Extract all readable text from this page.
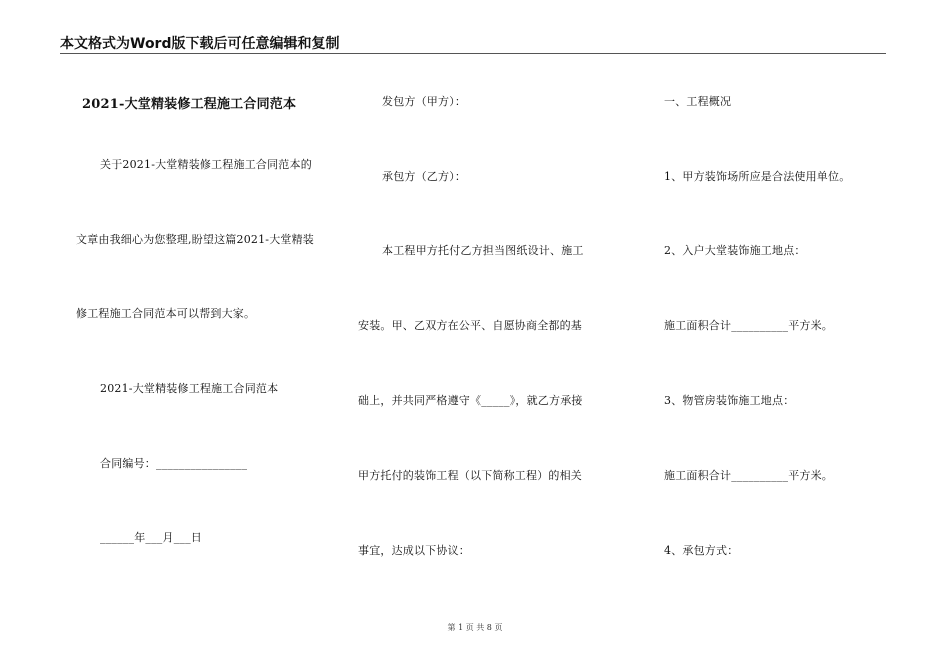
本文格式为Word版下载后可任意编辑和复制
2021-大堂精装修工程施工合同范本
关于2021-大堂精装修工程施工合同范本的
文章由我细心为您整理,盼望这篇2021-大堂精装
修工程施工合同范本可以帮到大家。
2021-大堂精装修工程施工合同范本
合同编号：________________
______年___月___日
发包方（甲方）：
承包方（乙方）：
本工程甲方托付乙方担当图纸设计、施工
安装。甲、乙双方在公平、自愿协商全都的基
础上，并共同严格遵守《_____》，就乙方承接
甲方托付的装饰工程（以下简称工程）的相关
事宜，达成以下协议：
一、工程概况
1、甲方装饰场所应是合法使用单位。
2、入户大堂装饰施工地点：
施工面积合计__________平方米。
3、物管房装饰施工地点：
施工面积合计__________平方米。
4、承包方式：
第 1 页 共 8 页
